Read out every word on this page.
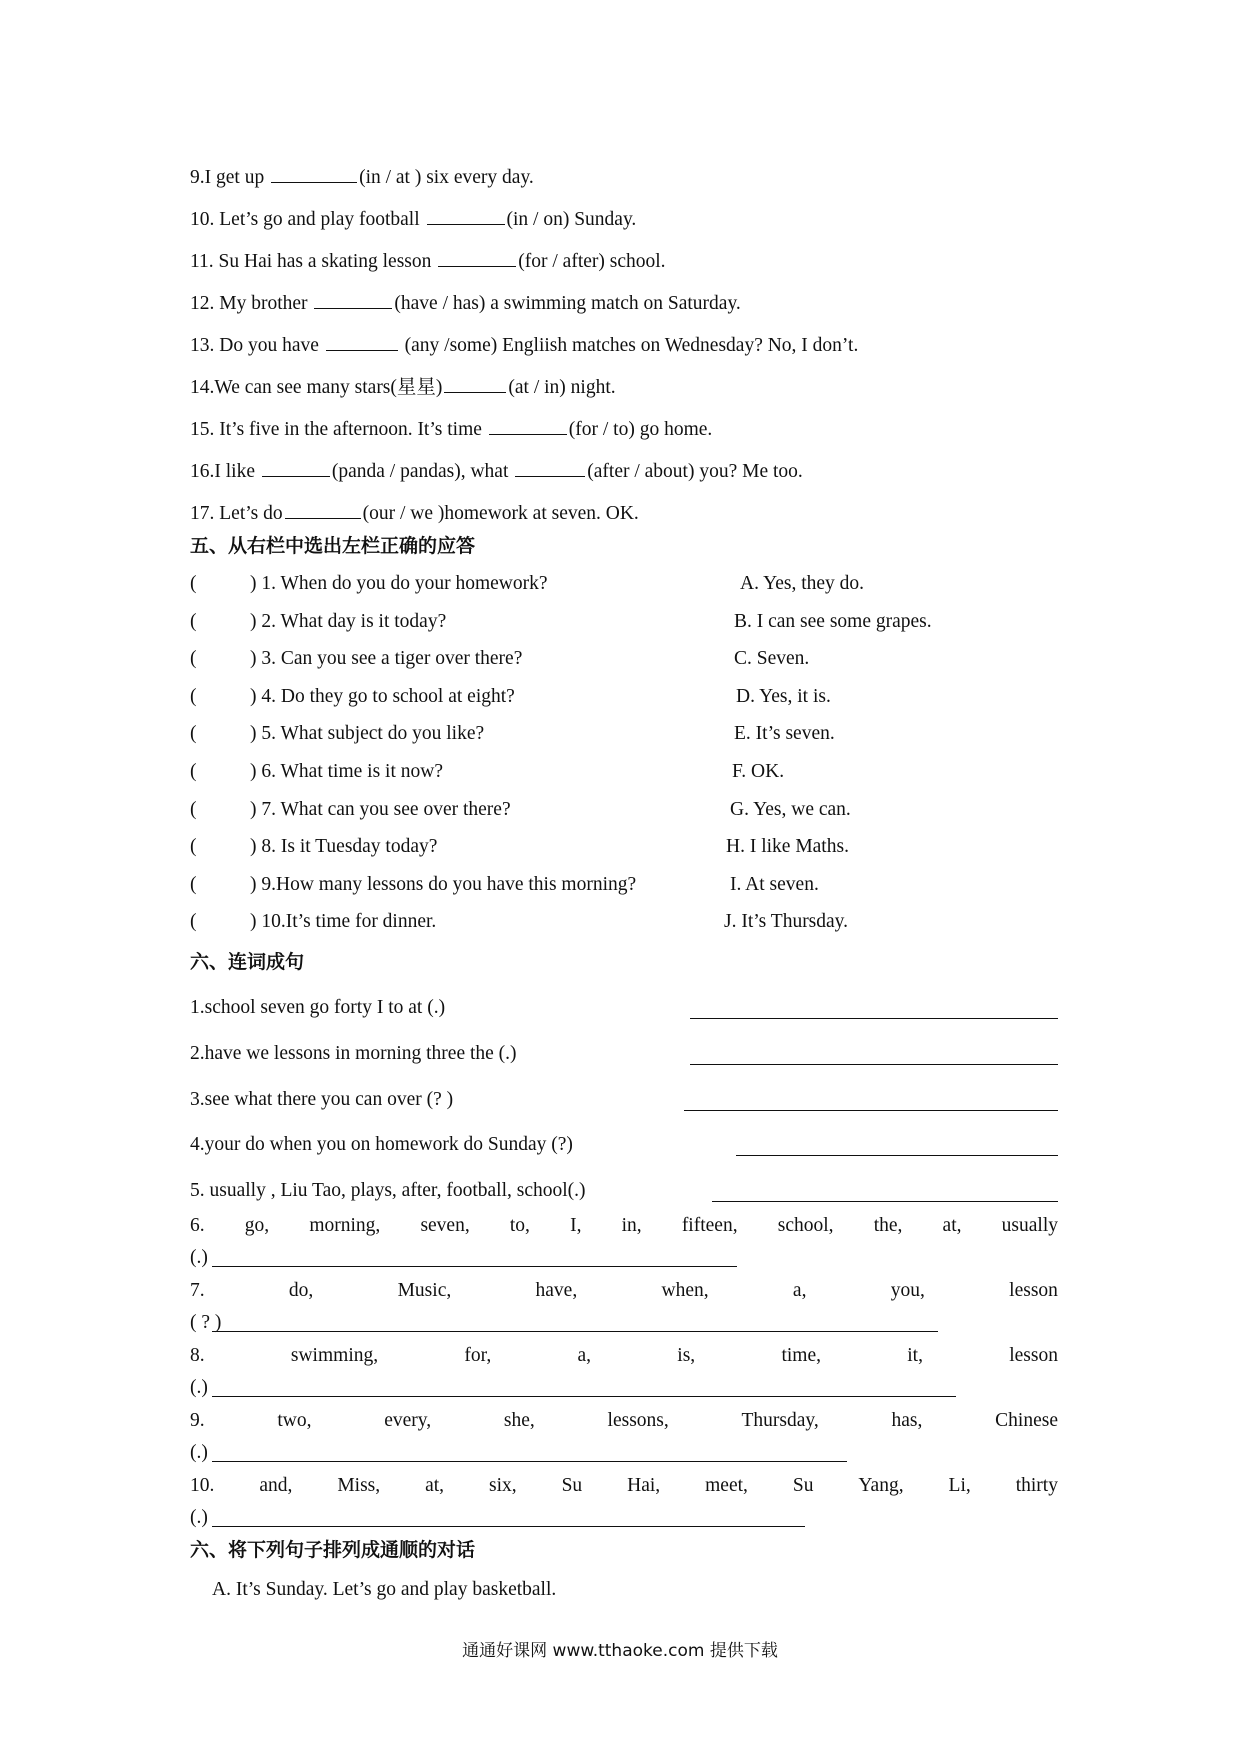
9.I get up	(in / at ) six every day.
10. Let’s go and play football	(in / on) Sunday.
11. Su Hai has a skating lesson	(for / after) school.
12. My brother	(have / has) a swimming match on Saturday.
13. Do you have	(any /some) Engliish matches on Wednesday? No, I don’t.
14.We can see many stars(星星)	(at / in) night.
15. It’s five in the afternoon. It’s time	(for / to) go home.
16.I like	(panda / pandas), what	(after / about) you? Me too.
17. Let’s do	(our / we )homework at seven. OK.
五、从右栏中选出左栏正确的应答
(	) 1. When do you do your homework?	A. Yes, they do.
(	) 2. What day is it today?	B. I can see some grapes.
(	) 3. Can you see a tiger over there?	C. Seven.
(	) 4. Do they go to school at eight?	D. Yes, it is.
(	) 5. What subject do you like?	E. It’s seven.
(	) 6. What time is it now?	F. OK.
(	) 7. What can you see over there?	G. Yes, we can.
(	) 8. Is it Tuesday today?	H. I like Maths.
(	) 9.How many lessons do you have this morning?	I. At seven.
(	) 10.It’s time for dinner.	J. It’s Thursday.
六、连词成句
1.school seven go forty I to at (.)
2.have we lessons in morning three the (.)
3.see what there you can over (? )
4.your do when you on homework do Sunday (?)
5. usually , Liu Tao, plays, after, football, school(.)
6. go, morning, seven, to, I, in, fifteen, school, the, at, usually
(.)
7.	do,	Music,	have,	when,	a,	you,	lesson
( ? )
8.	swimming,	for,	a,	is,	time,	it,	lesson
(.)
9.	two,	every,	she,	lessons,	Thursday,	has,	Chinese
(.)
10. and, Miss, at, six, Su Hai, meet, Su Yang, Li, thirty
(.)
六、将下列句子排列成通顺的对话
A. It’s Sunday. Let’s go and play basketball.
通通好课网 www.tthaoke.com 提供下载
